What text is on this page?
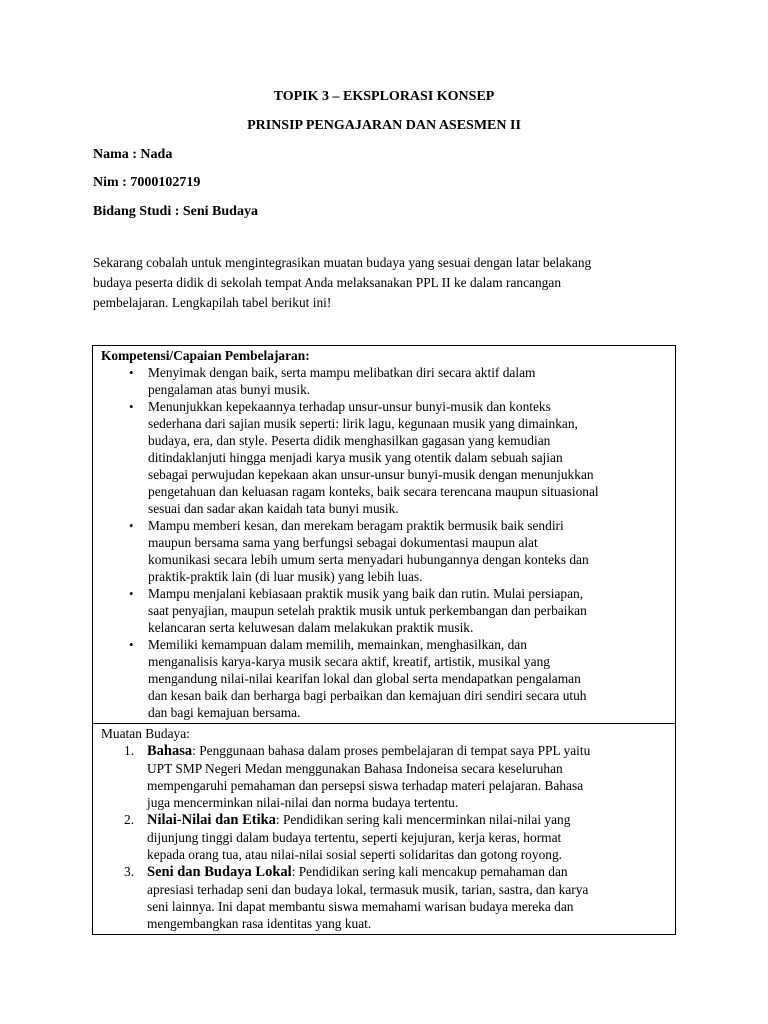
TOPIK 3 – EKSPLORASI KONSEP
PRINSIP PENGAJARAN DAN ASESMEN II
Nama : Nada
Nim : 7000102719
Bidang Studi : Seni Budaya

Sekarang cobalah untuk mengintegrasikan muatan budaya yang sesuai dengan latar belakang

budaya peserta didik di sekolah tempat Anda melaksanakan PPL II ke dalam rancangan

pembelajaran. Lengkapilah tabel berikut ini!

Kompetensi/Capaian Pembelajaran:
• Menyimak dengan baik, serta mampu melibatkan diri secara aktif dalam
pengalaman atas bunyi musik.
• Menunjukkan kepekaannya terhadap unsur-unsur bunyi-musik dan konteks
sederhana dari sajian musik seperti: lirik lagu, kegunaan musik yang dimainkan,
budaya, era, dan style. Peserta didik menghasilkan gagasan yang kemudian
ditindaklanjuti hingga menjadi karya musik yang otentik dalam sebuah sajian
sebagai perwujudan kepekaan akan unsur-unsur bunyi-musik dengan menunjukkan
pengetahuan dan keluasan ragam konteks, baik secara terencana maupun situasional
sesuai dan sadar akan kaidah tata bunyi musik.
• Mampu memberi kesan, dan merekam beragam praktik bermusik baik sendiri
maupun bersama sama yang berfungsi sebagai dokumentasi maupun alat
komunikasi secara lebih umum serta menyadari hubungannya dengan konteks dan
praktik-praktik lain (di luar musik) yang lebih luas.
• Mampu menjalani kebiasaan praktik musik yang baik dan rutin. Mulai persiapan,
saat penyajian, maupun setelah praktik musik untuk perkembangan dan perbaikan
kelancaran serta keluwesan dalam melakukan praktik musik.
• Memiliki kemampuan dalam memilih, memainkan, menghasilkan, dan
menganalisis karya-karya musik secara aktif, kreatif, artistik, musikal yang
mengandung nilai-nilai kearifan lokal dan global serta mendapatkan pengalaman
dan kesan baik dan berharga bagi perbaikan dan kemajuan diri sendiri secara utuh
dan bagi kemajuan bersama.
Muatan Budaya:
1. Bahasa: Penggunaan bahasa dalam proses pembelajaran di tempat saya PPL yaitu
UPT SMP Negeri Medan menggunakan Bahasa Indoneisa secara keseluruhan
mempengaruhi pemahaman dan persepsi siswa terhadap materi pelajaran. Bahasa
juga mencerminkan nilai-nilai dan norma budaya tertentu.
2. Nilai-Nilai dan Etika: Pendidikan sering kali mencerminkan nilai-nilai yang
dijunjung tinggi dalam budaya tertentu, seperti kejujuran, kerja keras, hormat
kepada orang tua, atau nilai-nilai sosial seperti solidaritas dan gotong royong.
3. Seni dan Budaya Lokal: Pendidikan sering kali mencakup pemahaman dan
apresiasi terhadap seni dan budaya lokal, termasuk musik, tarian, sastra, dan karya
seni lainnya. Ini dapat membantu siswa memahami warisan budaya mereka dan
mengembangkan rasa identitas yang kuat.
